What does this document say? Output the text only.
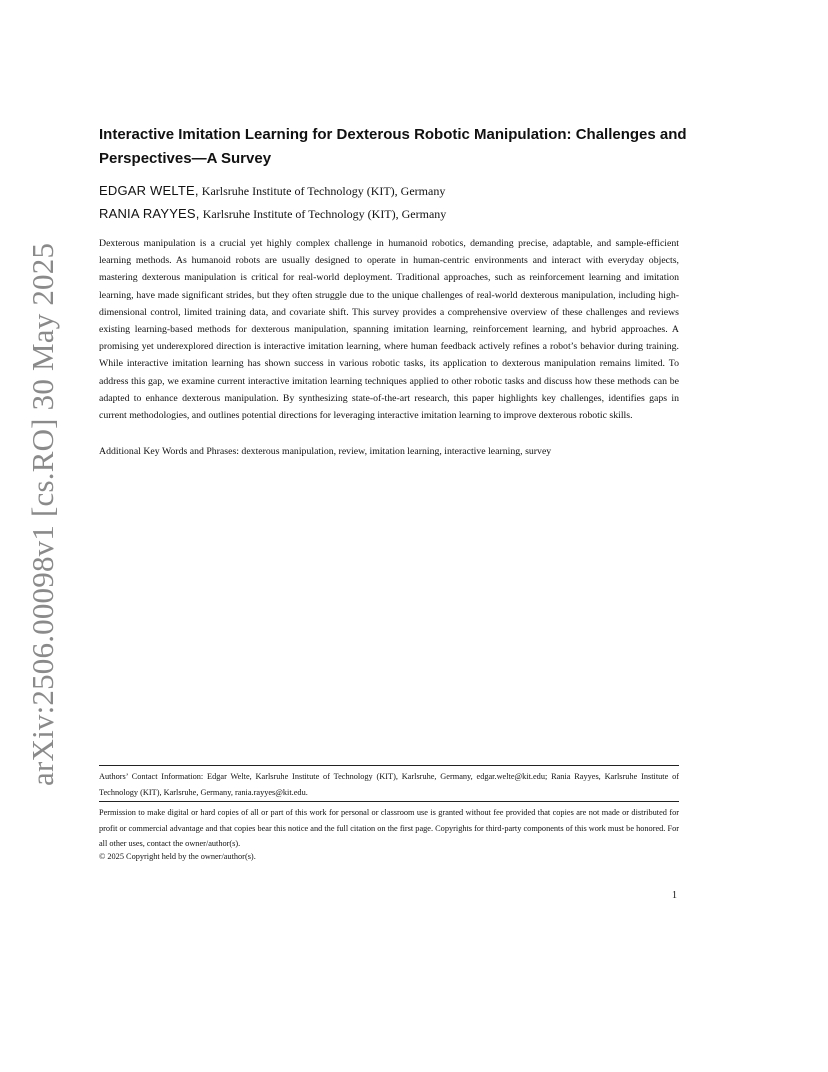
arXiv:2506.00098v1 [cs.RO] 30 May 2025
Interactive Imitation Learning for Dexterous Robotic Manipulation: Challenges and Perspectives—A Survey
EDGAR WELTE, Karlsruhe Institute of Technology (KIT), Germany
RANIA RAYYES, Karlsruhe Institute of Technology (KIT), Germany

Dexterous manipulation is a crucial yet highly complex challenge in humanoid robotics, demanding precise, adaptable, and sample-efficient learning methods. As humanoid robots are usually designed to operate in human-centric environments and interact with everyday objects, mastering dexterous manipulation is critical for real-world deployment. Traditional approaches, such as reinforcement learning and imitation learning, have made significant strides, but they often struggle due to the unique challenges of real-world dexterous manipulation, including high-dimensional control, limited training data, and covariate shift. This survey provides a comprehensive overview of these challenges and reviews existing learning-based methods for dexterous manipulation, spanning imitation learning, reinforcement learning, and hybrid approaches. A promising yet underexplored direction is interactive imitation learning, where human feedback actively refines a robot’s behavior during training. While interactive imitation learning has shown success in various robotic tasks, its application to dexterous manipulation remains limited. To address this gap, we examine current interactive imitation learning techniques applied to other robotic tasks and discuss how these methods can be adapted to enhance dexterous manipulation. By synthesizing state-of-the-art research, this paper highlights key challenges, identifies gaps in current methodologies, and outlines potential directions for leveraging interactive imitation learning to improve dexterous robotic skills.

Additional Key Words and Phrases: dexterous manipulation, review, imitation learning, interactive learning, survey

Authors’ Contact Information: Edgar Welte, Karlsruhe Institute of Technology (KIT), Karlsruhe, Germany, edgar.welte@kit.edu; Rania Rayyes, Karlsruhe Institute of Technology (KIT), Karlsruhe, Germany, rania.rayyes@kit.edu.

Permission to make digital or hard copies of all or part of this work for personal or classroom use is granted without fee provided that copies are not made or distributed for profit or commercial advantage and that copies bear this notice and the full citation on the first page. Copyrights for third-party components of this work must be honored. For all other uses, contact the owner/author(s).

© 2025 Copyright held by the owner/author(s).
1
